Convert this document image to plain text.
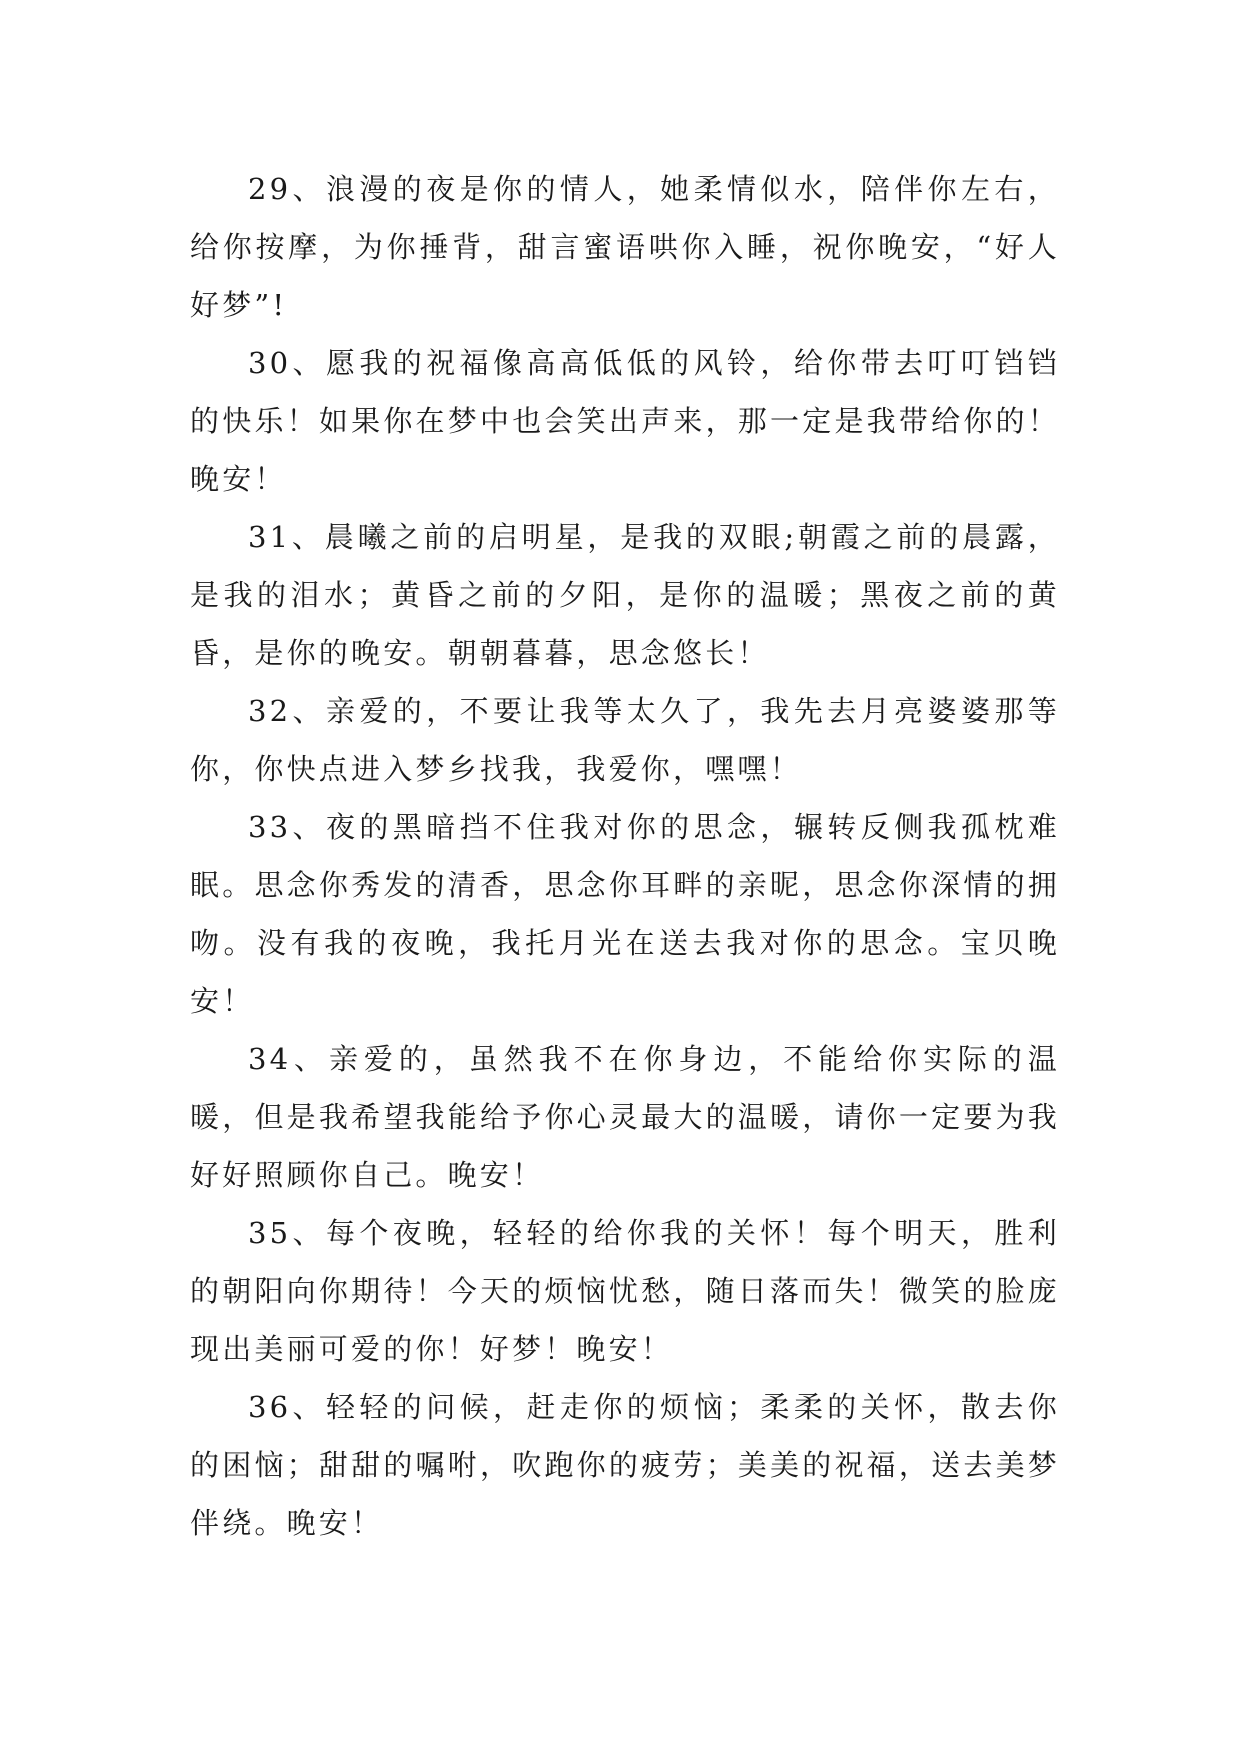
29、浪漫的夜是你的情人，她柔情似水，陪伴你左右，给你按摩，为你捶背，甜言蜜语哄你入睡，祝你晚安，“好人好梦”!

30、愿我的祝福像高高低低的风铃，给你带去叮叮铛铛的快乐！如果你在梦中也会笑出声来，那一定是我带给你的！晚安！

31、晨曦之前的启明星，是我的双眼;朝霞之前的晨露，是我的泪水；黄昏之前的夕阳，是你的温暖；黑夜之前的黄昏，是你的晚安。朝朝暮暮，思念悠长！

32、亲爱的，不要让我等太久了，我先去月亮婆婆那等你，你快点进入梦乡找我，我爱你，嘿嘿！

33、夜的黑暗挡不住我对你的思念，辗转反侧我孤枕难眠。思念你秀发的清香，思念你耳畔的亲昵，思念你深情的拥吻。没有我的夜晚，我托月光在送去我对你的思念。宝贝晚安！

34、亲爱的，虽然我不在你身边，不能给你实际的温暖，但是我希望我能给予你心灵最大的温暖，请你一定要为我好好照顾你自己。晚安！

35、每个夜晚，轻轻的给你我的关怀！每个明天，胜利的朝阳向你期待！今天的烦恼忧愁，随日落而失！微笑的脸庞现出美丽可爱的你！好梦！晚安！

36、轻轻的问候，赶走你的烦恼；柔柔的关怀，散去你的困恼；甜甜的嘱咐，吹跑你的疲劳；美美的祝福，送去美梦伴绕。晚安！
